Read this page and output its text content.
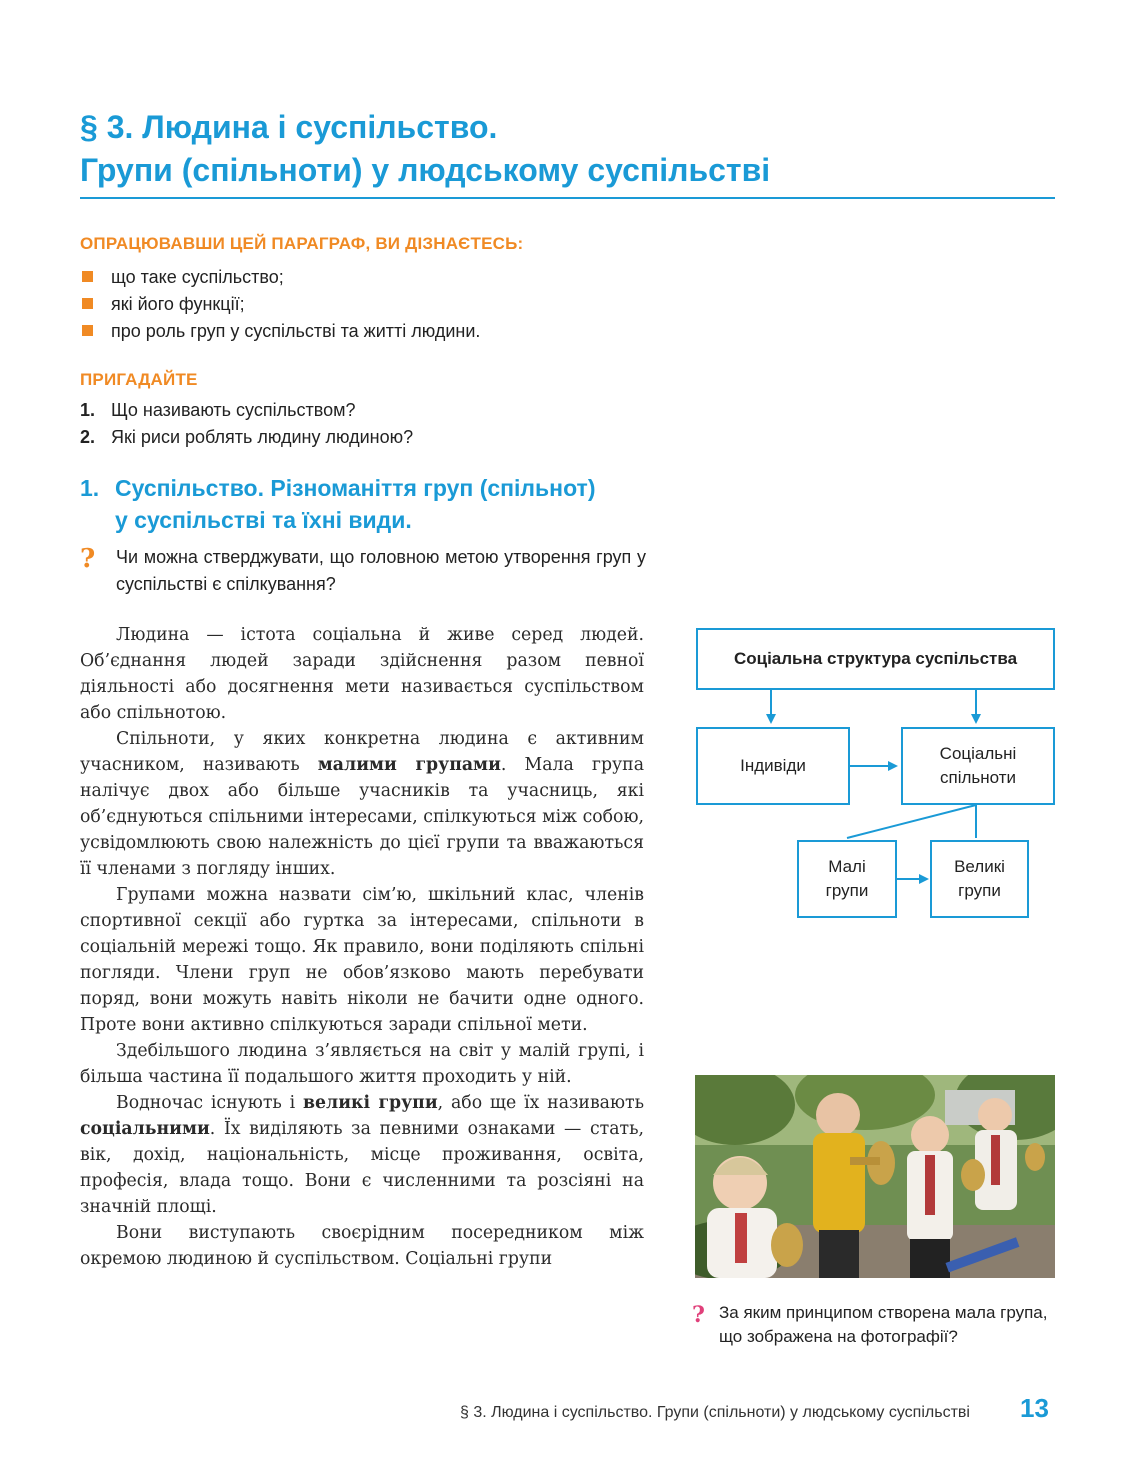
§ 3. Людина і суспільство.
Групи (спільноти) у людському суспільстві
ОПРАЦЮВАВШИ ЦЕЙ ПАРАГРАФ, ВИ ДІЗНАЄТЕСЬ:
що таке суспільство;
які його функції;
про роль груп у суспільстві та житті людини.
ПРИГАДАЙТЕ
1. Що називають суспільством?
2. Які риси роблять людину людиною?
1. Суспільство. Різноманіття груп (спільнот)
у суспільстві та їхні види.
? Чи можна стверджувати, що головною метою утворення груп у суспільстві є спілкування?

Людина — істота соціальна й живе серед людей. Об’єднання людей заради здійснення разом певної діяльності або досягнення мети називається суспільством або спільнотою.

Спільноти, у яких конкретна людина є активним учасником, називають малими групами. Мала група налічує двох або більше учасників та учасниць, які об’єднуються спільними інтересами, спілкуються між собою, усвідомлюють свою належність до цієї групи та вважаються її членами з погляду інших.

Групами можна назвати сім’ю, шкільний клас, членів спортивної секції або гуртка за інтересами, спільноти в соціальній мережі тощо. Як правило, вони поділяють спільні погляди. Члени груп не обов’язково мають перебувати поряд, вони можуть навіть ніколи не бачити одне одного. Проте вони активно спілкуються заради спільної мети.

Здебільшого людина з’являється на світ у малій групі, і більша частина її подальшого життя проходить у ній.

Водночас існують і великі групи, або ще їх називають соціальними. Їх виділяють за певними ознаками — стать, вік, дохід, національність, місце проживання, освіта, професія, влада тощо. Вони є численними та розсіяні на значній площі.

Вони виступають своєрідним посередником між окремою людиною й суспільством. Соціальні групи

Соціальна структура суспільства
Індивіди
Соціальні
спільноти
Малі
групи
Великі
групи
? За яким принципом створена мала група, що зображена на фотографії?
§ 3. Людина і суспільство. Групи (спільноти) у людському суспільстві 13
